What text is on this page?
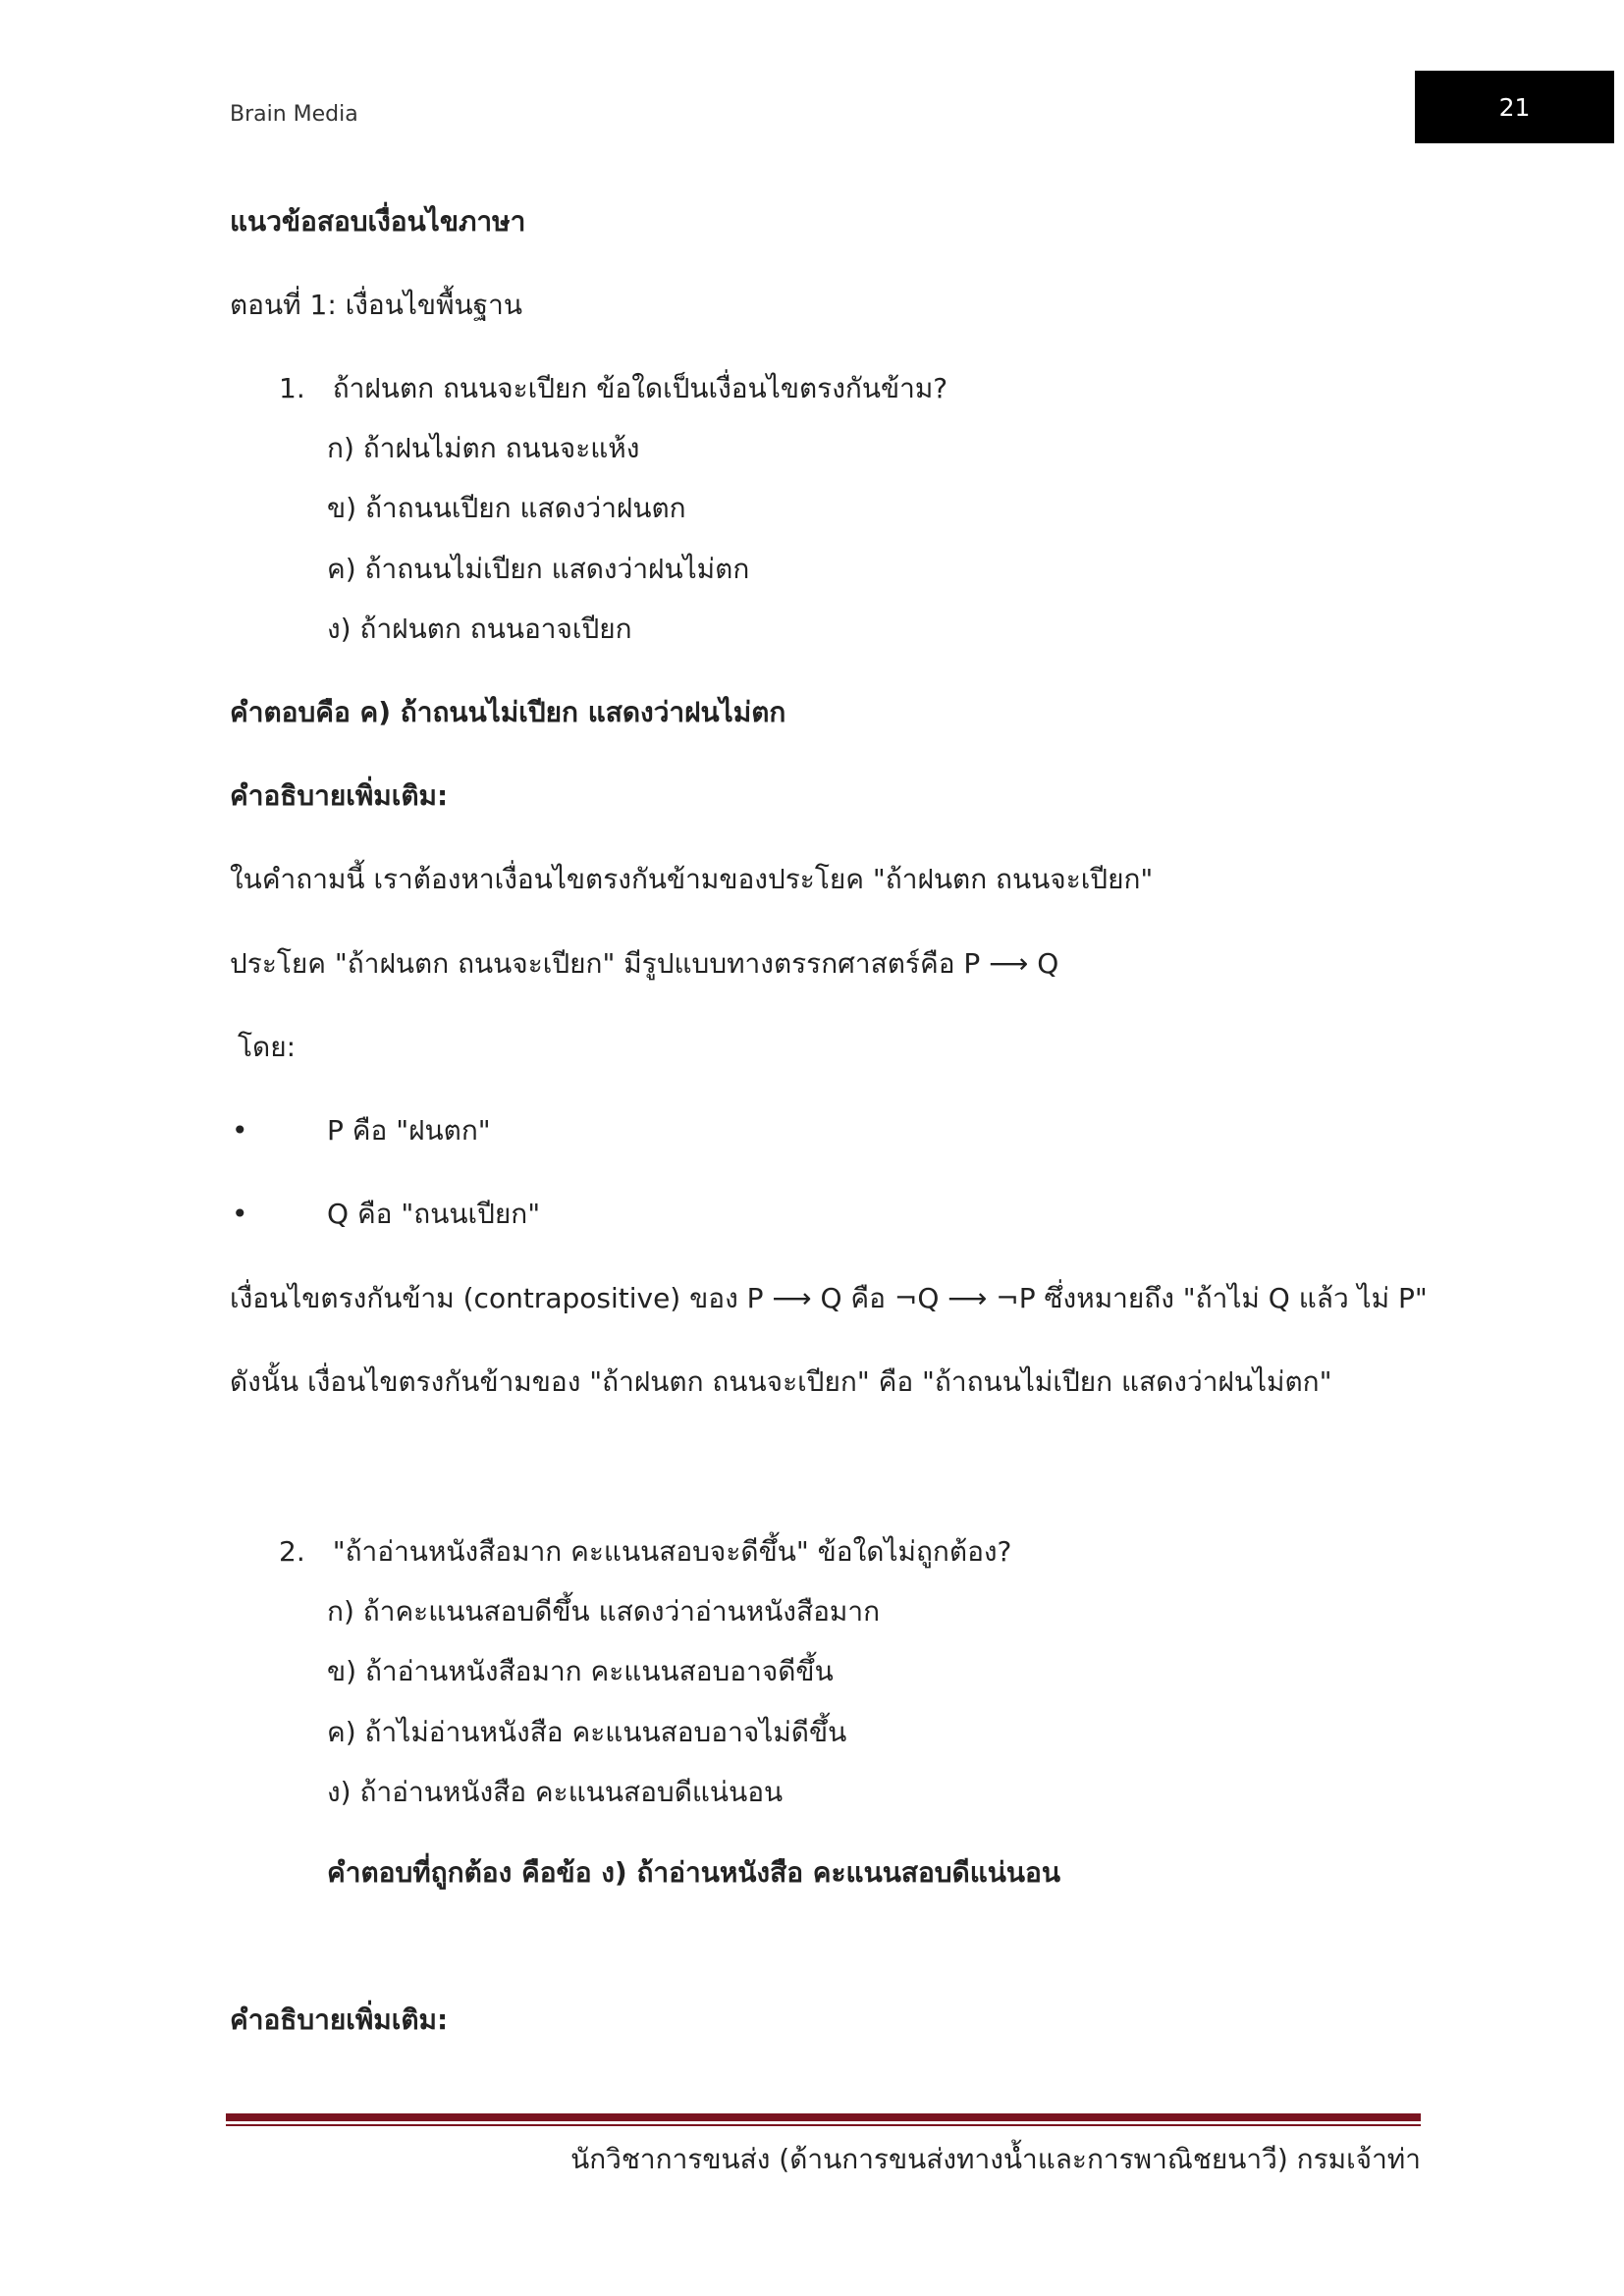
Brain Media	21
แนวข้อสอบเงื่อนไขภาษา
ตอนที่ 1: เงื่อนไขพื้นฐาน
1. ถ้าฝนตก ถนนจะเปียก ข้อใดเป็นเงื่อนไขตรงกันข้าม?
ก) ถ้าฝนไม่ตก ถนนจะแห้ง
ข) ถ้าถนนเปียก แสดงว่าฝนตก
ค) ถ้าถนนไม่เปียก แสดงว่าฝนไม่ตก
ง) ถ้าฝนตก ถนนอาจเปียก
คำตอบคือ ค) ถ้าถนนไม่เปียก แสดงว่าฝนไม่ตก
คำอธิบายเพิ่มเติม:
ในคำถามนี้ เราต้องหาเงื่อนไขตรงกันข้ามของประโยค "ถ้าฝนตก ถนนจะเปียก"
ประโยค "ถ้าฝนตก ถนนจะเปียก" มีรูปแบบทางตรรกศาสตร์คือ P ⟶ Q
โดย:
•	P คือ "ฝนตก"
•	Q คือ "ถนนเปียก"
เงื่อนไขตรงกันข้าม (contrapositive) ของ P ⟶ Q คือ ¬Q ⟶ ¬P ซึ่งหมายถึง "ถ้าไม่ Q แล้ว ไม่ P"
ดังนั้น เงื่อนไขตรงกันข้ามของ "ถ้าฝนตก ถนนจะเปียก" คือ "ถ้าถนนไม่เปียก แสดงว่าฝนไม่ตก"
2. "ถ้าอ่านหนังสือมาก คะแนนสอบจะดีขึ้น" ข้อใดไม่ถูกต้อง?
ก) ถ้าคะแนนสอบดีขึ้น แสดงว่าอ่านหนังสือมาก
ข) ถ้าอ่านหนังสือมาก คะแนนสอบอาจดีขึ้น
ค) ถ้าไม่อ่านหนังสือ คะแนนสอบอาจไม่ดีขึ้น
ง) ถ้าอ่านหนังสือ คะแนนสอบดีแน่นอน
คำตอบที่ถูกต้อง คือข้อ ง) ถ้าอ่านหนังสือ คะแนนสอบดีแน่นอน
คำอธิบายเพิ่มเติม:
นักวิชาการขนส่ง (ด้านการขนส่งทางน้ำและการพาณิชยนาวี) กรมเจ้าท่า
